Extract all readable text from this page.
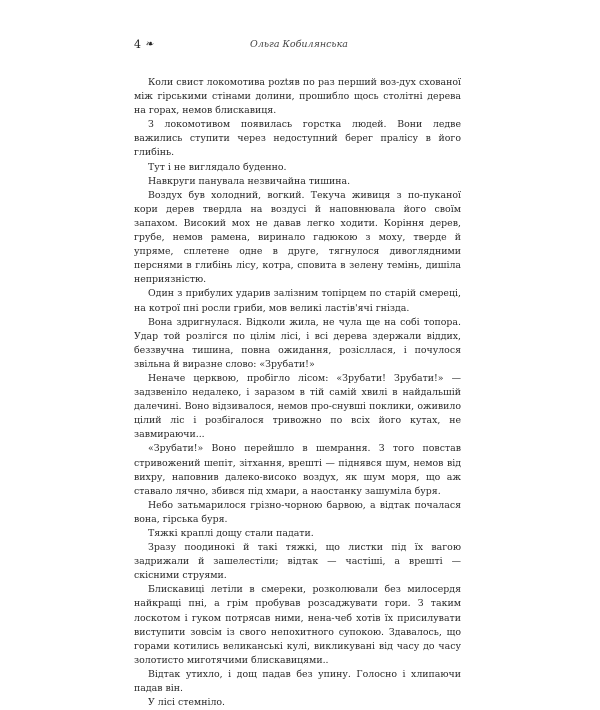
4 ❧	Ольга Кобилянська

Коли свист локомотива роztяв по раз перший воз-дух схованої між гірськими стінами долини, прошибло щось столітні дерева на горах, немов блискавиця.

З локомотивом появилась горстка людей. Вони ледве важились ступити через недоступний берег пралісу в його глибінь.

Тут і не виглядало буденно.

Навкруги панувала незвичайна тишина.

Воздух був холодний, вогкий. Текуча живиця з по-пуканої кори дерев твердла на воздусі й наповнювала його своїм запахом. Високий мох не давав легко ходити. Коріння дерев, грубе, немов рамена, виринало гадюкою з моху, тверде й упряме, сплетене одне в друге, тягнулося дивоглядними перснями в глибінь лісу, котра, сповита в зелену темінь, дишіла неприязністю.

Один з прибулих ударив залізним топірцем по старій смереці, на котрої пні росли гриби, мов великі ластів'ячі гнізда.

Вона здригнулася. Відколи жила, не чула ще на собі топора. Удар той розлігся по цілім лісі, і всі дерева здержали віддих, беззвучна тишина, повна ожидання, розісллася, і почулося звільна й виразне слово: «Зрубати!»

Неначе церквою, пробігло лісом: «Зрубати! Зрубати!» — задзвеніло недалеко, і заразом в тій самій хвилі в найдальшій далечині. Воно відзивалося, немов про-снувші поклики, оживило цілий ліс і розбігалося тривожно по всіх його кутах, не завмираючи...

«Зрубати!» Воно перейшло в шемрання. З того повстав стривожений шепіт, зітхання, врешті — піднявся шум, немов від вихру, наповнив далеко-високо воздух, як шум моря, що аж ставало лячно, збився під хмари, а наостанку зашуміла буря.

Небо затьмарилося грізно-чорною барвою, а відтак почалася вона, гірська буря.

Тяжкі краплі дощу стали падати.

Зразу поодинокі й такі тяжкі, що листки під їх вагою задрижали й зашелестіли; відтак — частіші, а врешті — скісними струями.

Блискавиці летіли в смереки, розколювали без милосердя найкращі пні, а грім пробував розсаджувати гори. З таким лоскотом і гуком потрясав ними, нена-чеб хотів їх присилувати виступити зовсім із свого непохитного супокою. Здавалось, що горами котились великанські кулі, викликувані від часу до часу золотисто миготячими блискавицями..

Відтак утихло, і дощ падав без упину. Голосно і хлипаючи падав він.

У лісі стемніло.
